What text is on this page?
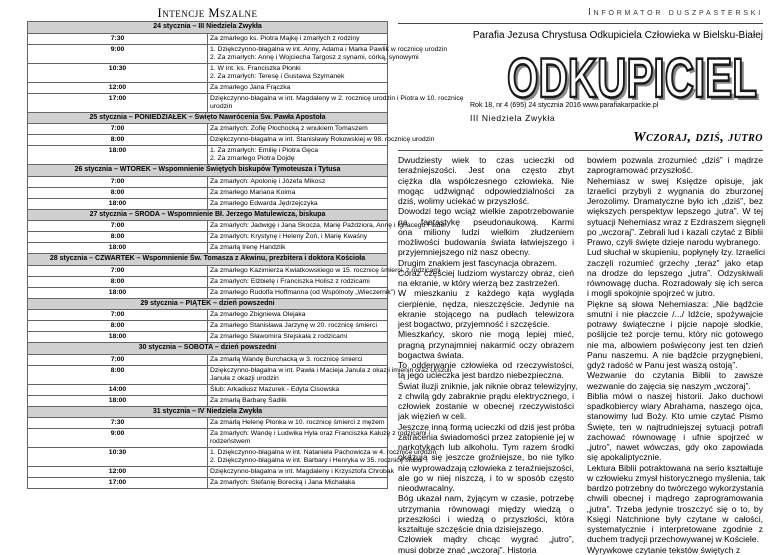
Intencje Mszalne
24 stycznia – III Niedziela Zwykła	
7:30	Za zmarłego ks. Piotra Majkę i zmarłych z rodziny

9:00	1. Dziękczynno-błagalna w int. Anny, Adama i Marka Pawlik w rocznicę urodzin
2. Za zmarłych: Annę i Wojciecha Targosz z synami, córką, synowymi

10:30	1. W int. ks. Franciszka Płonki
2. Za zmarłych: Teresę i Gustawa Szymanek

12:00	Za zmarłego Jana Frączka

17:00	Dziękczynno-błagalna w int. Magdaleny w 2. rocznicę urodzin i Piotra w 10. rocznicę
urodzin

25 stycznia – PONIEDZIAŁEK – Święto Nawrócenia Św. Pawła Apostoła	
7:00	Za zmarłych: Zofię Płochocką z wnukiem Tomaszem

8:00	Dziękczynno-błagalna w int. Stanisławy Rokowskiej w 98. rocznicę urodzin

18:00	1. Za zmarłych: Emilię i Piotra Gęca
2. Za zmarłego Piotra Dojdę

26 stycznia – WTOREK – Wspomnienie Świętych biskupów Tymoteusza i Tytusa	
7:00	Za zmarłych: Apolonię i Józefa Mikosz

8:00	Za zmarłego Mariana Koima

18:00	Za zmarłego Edwarda Jędrzejczyka

27 stycznia – ŚRODA – Wspomnienie Bł. Jerzego Matulewicza, biskupa	
7:00	Za zmarłych: Jadwigę i Jana Skocza, Marię Paździora, Annę i Ignacego Fluder

8:00	Za zmarłych: Krystynę i Heleny Żoń, i Marię Kwaśny

18:00	Za zmarłą Irenę Handzlik

28 stycznia – CZWARTEK – Wspomnienie Św. Tomasza z Akwinu, prezbitera i doktora Kościoła	
7:00	Za zmarłego Kazimierza Kwiatkowskiego w 15. rocznicę śmierci, z rodzicami

8:00	Za zmarłych: Elżbietę i Franciszka Holisz z rodzicami

18:00	Za zmarłego Rudolfa Hoffmanna (od Wspólnoty „Wieczernik”)

29 stycznia – PIĄTEK – dzień powszedni	
7:00	Za zmarłego Zbigniewa Olejaka

8:00	Za zmarłego Stanisława Jarzynę w 20. rocznicę śmierci

18:00	Za zmarłego Sławomira Stejskała z rodzicami

30 stycznia – SOBOTA – dzień powszedni	
7:00	Za zmarłą Wandę Burchacką w 3. rocznicę śmierci

8:00	Dziękczynno-błagalna w int. Pawła i Macieja Janula z okazji imienin oraz Urszuli
Januła z okazji urodzin

14:00	Ślub: Arkadiusz Mazurek - Edyta Cisowska

18:00	Za zmarłą Barbarę Sadlik

31 stycznia – IV Niedziela Zwykła	
7:30	Za zmarłą Helenę Płonka w 10. rocznicę śmierci z mężem

9:00	Za zmarłych: Wandę i Ludwika Hyla oraz Franciszka Kałużę z rodzicami i
rodzeństwem

10:30	1. Dziękczynno-błagalna w int. Nataniela Pachowicza w 4. rocznicę urodzin
2. Dziękczynno-błagalna w int. Barbary i Henryka w 35. rocznicę ślubu

12:00	Dziękczynno-błagalna w int. Magdaleny i Krzysztofa Chrobak

17:00	Za zmarłych: Stefanię Borecką i Jana Michałaka
Informator duszpasterski
Parafia Jezusa Chrystusa Odkupiciela Człowieka w Bielsku-Białej
ODKUPICIEL
ODKUPICIEL
Rok 18, nr 4 (695) 24 stycznia 2016 www.parafiakarpackie.pl
III Niedziela Zwykła
Wczoraj, dziś, jutro
Dwudziesty wiek to czas ucieczki od
teraźniejszości. Jest ona często zbyt
ciężka dla współczesnego człowieka. Nie
mogąc udźwignąć odpowiedzialności za
dziś, wolimy uciekać w przyszłość.
Dowodzi tego wciąż wielkie zapotrzebowanie
na fantastykę pseudonaukową. Karmi
ona miliony ludzi wielkim złudzeniem
możliwości budowania świata łatwiejszego i
przyjemniejszego niż nasz obecny.
Drugim znakiem jest fascynacja obrazem.
Coraz częściej ludziom wystarczy obraz, cień
na ekranie, w który wierzą bez zastrzeżeń.
W mieszkaniu z każdego kąta wygląda
cierpienie, nędza, nieszczęście. Jedynie na
ekranie stojącego na pudłach telewizora
jest bogactwo, przyjemność i szczęście.
Mieszkańcy, skoro nie mogą lepiej mieć,
pragną przynajmniej nakarmić oczy obrazem
bogactwa świata.
To odderwanie człowieka od rzeczywistości,
tą jego ucieczka jest bardzo niebezpieczna.
Świat iluzji zniknie, jak niknie obraz telewizyjny,
z chwilą gdy zabraknie prądu elektrycznego, i
człowiek zostanie w obecnej rzeczywistości
jak więzień w celi.
Jeszcze inną formą ucieczki od dziś jest próba
zatracenia świadomości przez zatopienie jej w
narkotykach lub alkoholu. Tym razem środki
okazują się jeszcze groźniejsze, bo nie tylko
nie wyprowadzają człowieka z teraźniejszości,
ale go w niej niszczą, i to w sposób często
nieodwracalny.
Bóg ukazał nam, żyjącym w czasie, potrzebę
utrzymania równowagi między wiedzą o
przeszłości i wiedzą o przyszłości, która
kształtuje szczęście dnia dzisiejszego.
Człowiek mądry chcąc wygrać „jutro”,
musi dobrze znać „wczoraj”. Historia
bowiem pozwala zrozumieć „dziś” i mądrze
zaprogramować przyszłość.
Nehemiasz w swej Księdze opisuje, jak
Izraelici przybyli z wygnania do zburzonej
Jerozolimy. Dramatyczne było ich „dziś”, bez
większych perspektyw lepszego „jutra”. W tej
sytuacji Nehemiasz wraz z Ezdraszem sięgnęli
po „wczoraj”. Zebrali lud i kazali czytać z Biblii
Prawo, czyli święte dzieje narodu wybranego.
Lud słuchał w skupieniu, popłynęły łzy. Izraelici
zaczęli rozumieć grzechy „teraz” jako etap
na drodze do lepszego „jutra”. Odzyskiwali
równowagę ducha. Rozradowały się ich serca
i mogli spokojnie spojrzeć w jutro.
Piękne są słowa Nehemiasza: „Nie bądźcie
smutni i nie płaczcie /.../ Idźcie, spożywajcie
potrawy świąteczne i pijcie napoje słodkie,
poślijcie też porcje temu, który nic gotowego
nie ma, albowiem poświęcony jest ten dzień
Panu naszemu. A nie bądźcie przygnębieni,
gdyż radość w Panu jest waszą ostoją”.
Wezwanie do czytania Biblii to zawsze
wezwanie do zajęcia się naszym „wczoraj”.
Biblia mówi o naszej historii. Jako duchowi
spadkobiercy wiary Abrahama, naszego ojca,
stanowimy lud Boży. Kto umie czytać Pismo
Święte, ten w najtrudniejszej sytuacji potrafi
zachować równowagę i ufnie spojrzeć w
„jutro”, nawet wówczas, gdy oko zapowiada
się apokaliptycznie.
Lektura Biblii potraktowana na serio kształtuje
w człowieku zmysł historycznego myślenia, tak
bardzo potrzebny do twórczego wykorzystania
chwili obecnej i mądrego zaprogramowania
„jutra”. Trzeba jedynie troszczyć się o to, by
Księgi Natchnione były czytane w całości,
systematycznie i interpretowane zgodnie z
duchem tradycji przechowywanej w Kościele.
Wyrywkowe czytanie tekstów świętych z
